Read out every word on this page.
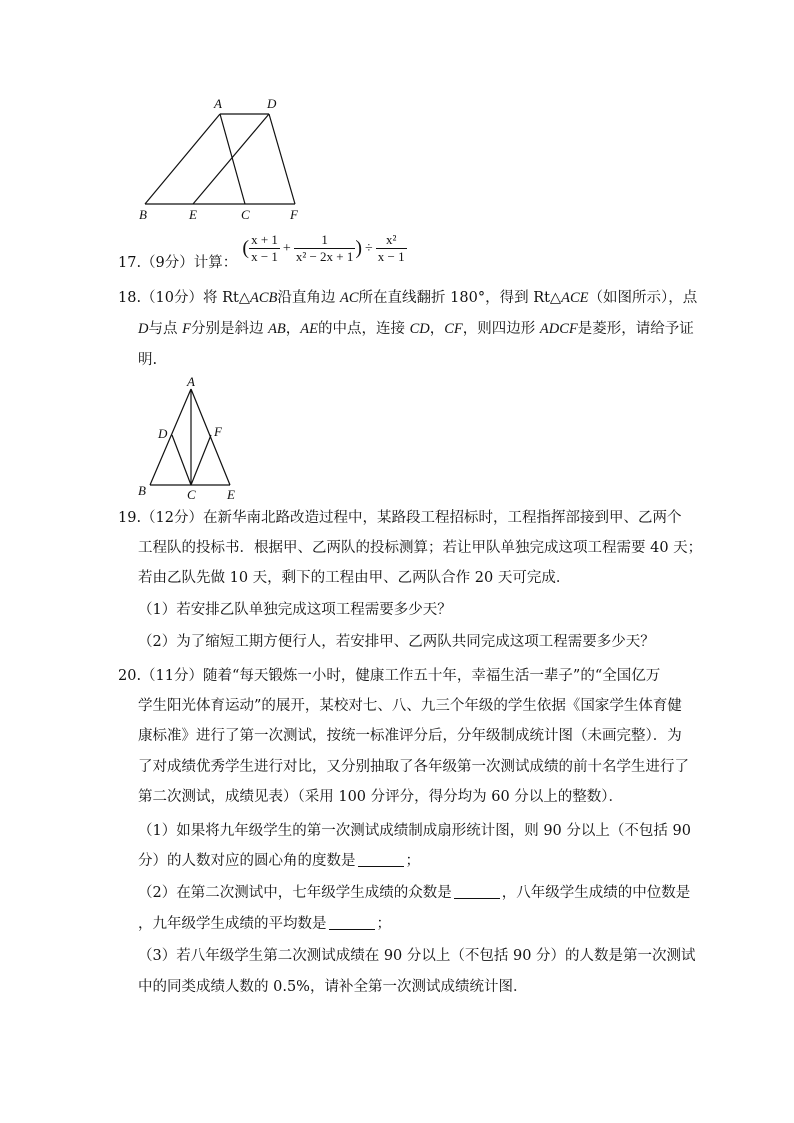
A	D
B	E	C	F
17.（9分）计算： ( $\frac{x + 1}{x - 1} + \frac{1}{\text{x² − 2x + 1}}$ ) ÷ $\frac{\text{x²}}{x - 1}$
18.（10分）将 Rt△ACB沿直角边 AC所在直线翻折 180°，得到 Rt△ACE（如图所示），点
D与点 F分别是斜边 AB，AE的中点，连接 CD，CF，则四边形 ADCF是菱形，请给予证
明.
A
D	F
B	C E
19.（12分）在新华南北路改造过程中，某路段工程招标时，工程指挥部接到甲、乙两个
工程队的投标书．根据甲、乙两队的投标测算；若让甲队单独完成这项工程需要 40 天；
若由乙队先做 10 天，剩下的工程由甲、乙两队合作 20 天可完成．
（1）若安排乙队单独完成这项工程需要多少天？
（2）为了缩短工期方便行人，若安排甲、乙两队共同完成这项工程需要多少天？
20.（11分）随着“每天锻炼一小时，健康工作五十年，幸福生活一辈子”的“全国亿万
学生阳光体育运动”的展开，某校对七、八、九三个年级的学生依据《国家学生体育健
康标准》进行了第一次测试，按统一标准评分后，分年级制成统计图（未画完整）．为
了对成绩优秀学生进行对比，又分别抽取了各年级第一次测试成绩的前十名学生进行了
第二次测试，成绩见表）（采用 100 分评分，得分均为 60 分以上的整数）．
（1）如果将九年级学生的第一次测试成绩制成扇形统计图，则 90 分以上（不包括 90
分）的人数对应的圆心角的度数是	；
（2）在第二次测试中，七年级学生成绩的众数是	，八年级学生成绩的中位数是
，九年级学生成绩的平均数是	；
（3）若八年级学生第二次测试成绩在 90 分以上（不包括 90 分）的人数是第一次测试
中的同类成绩人数的 0.5%，请补全第一次测试成绩统计图．
